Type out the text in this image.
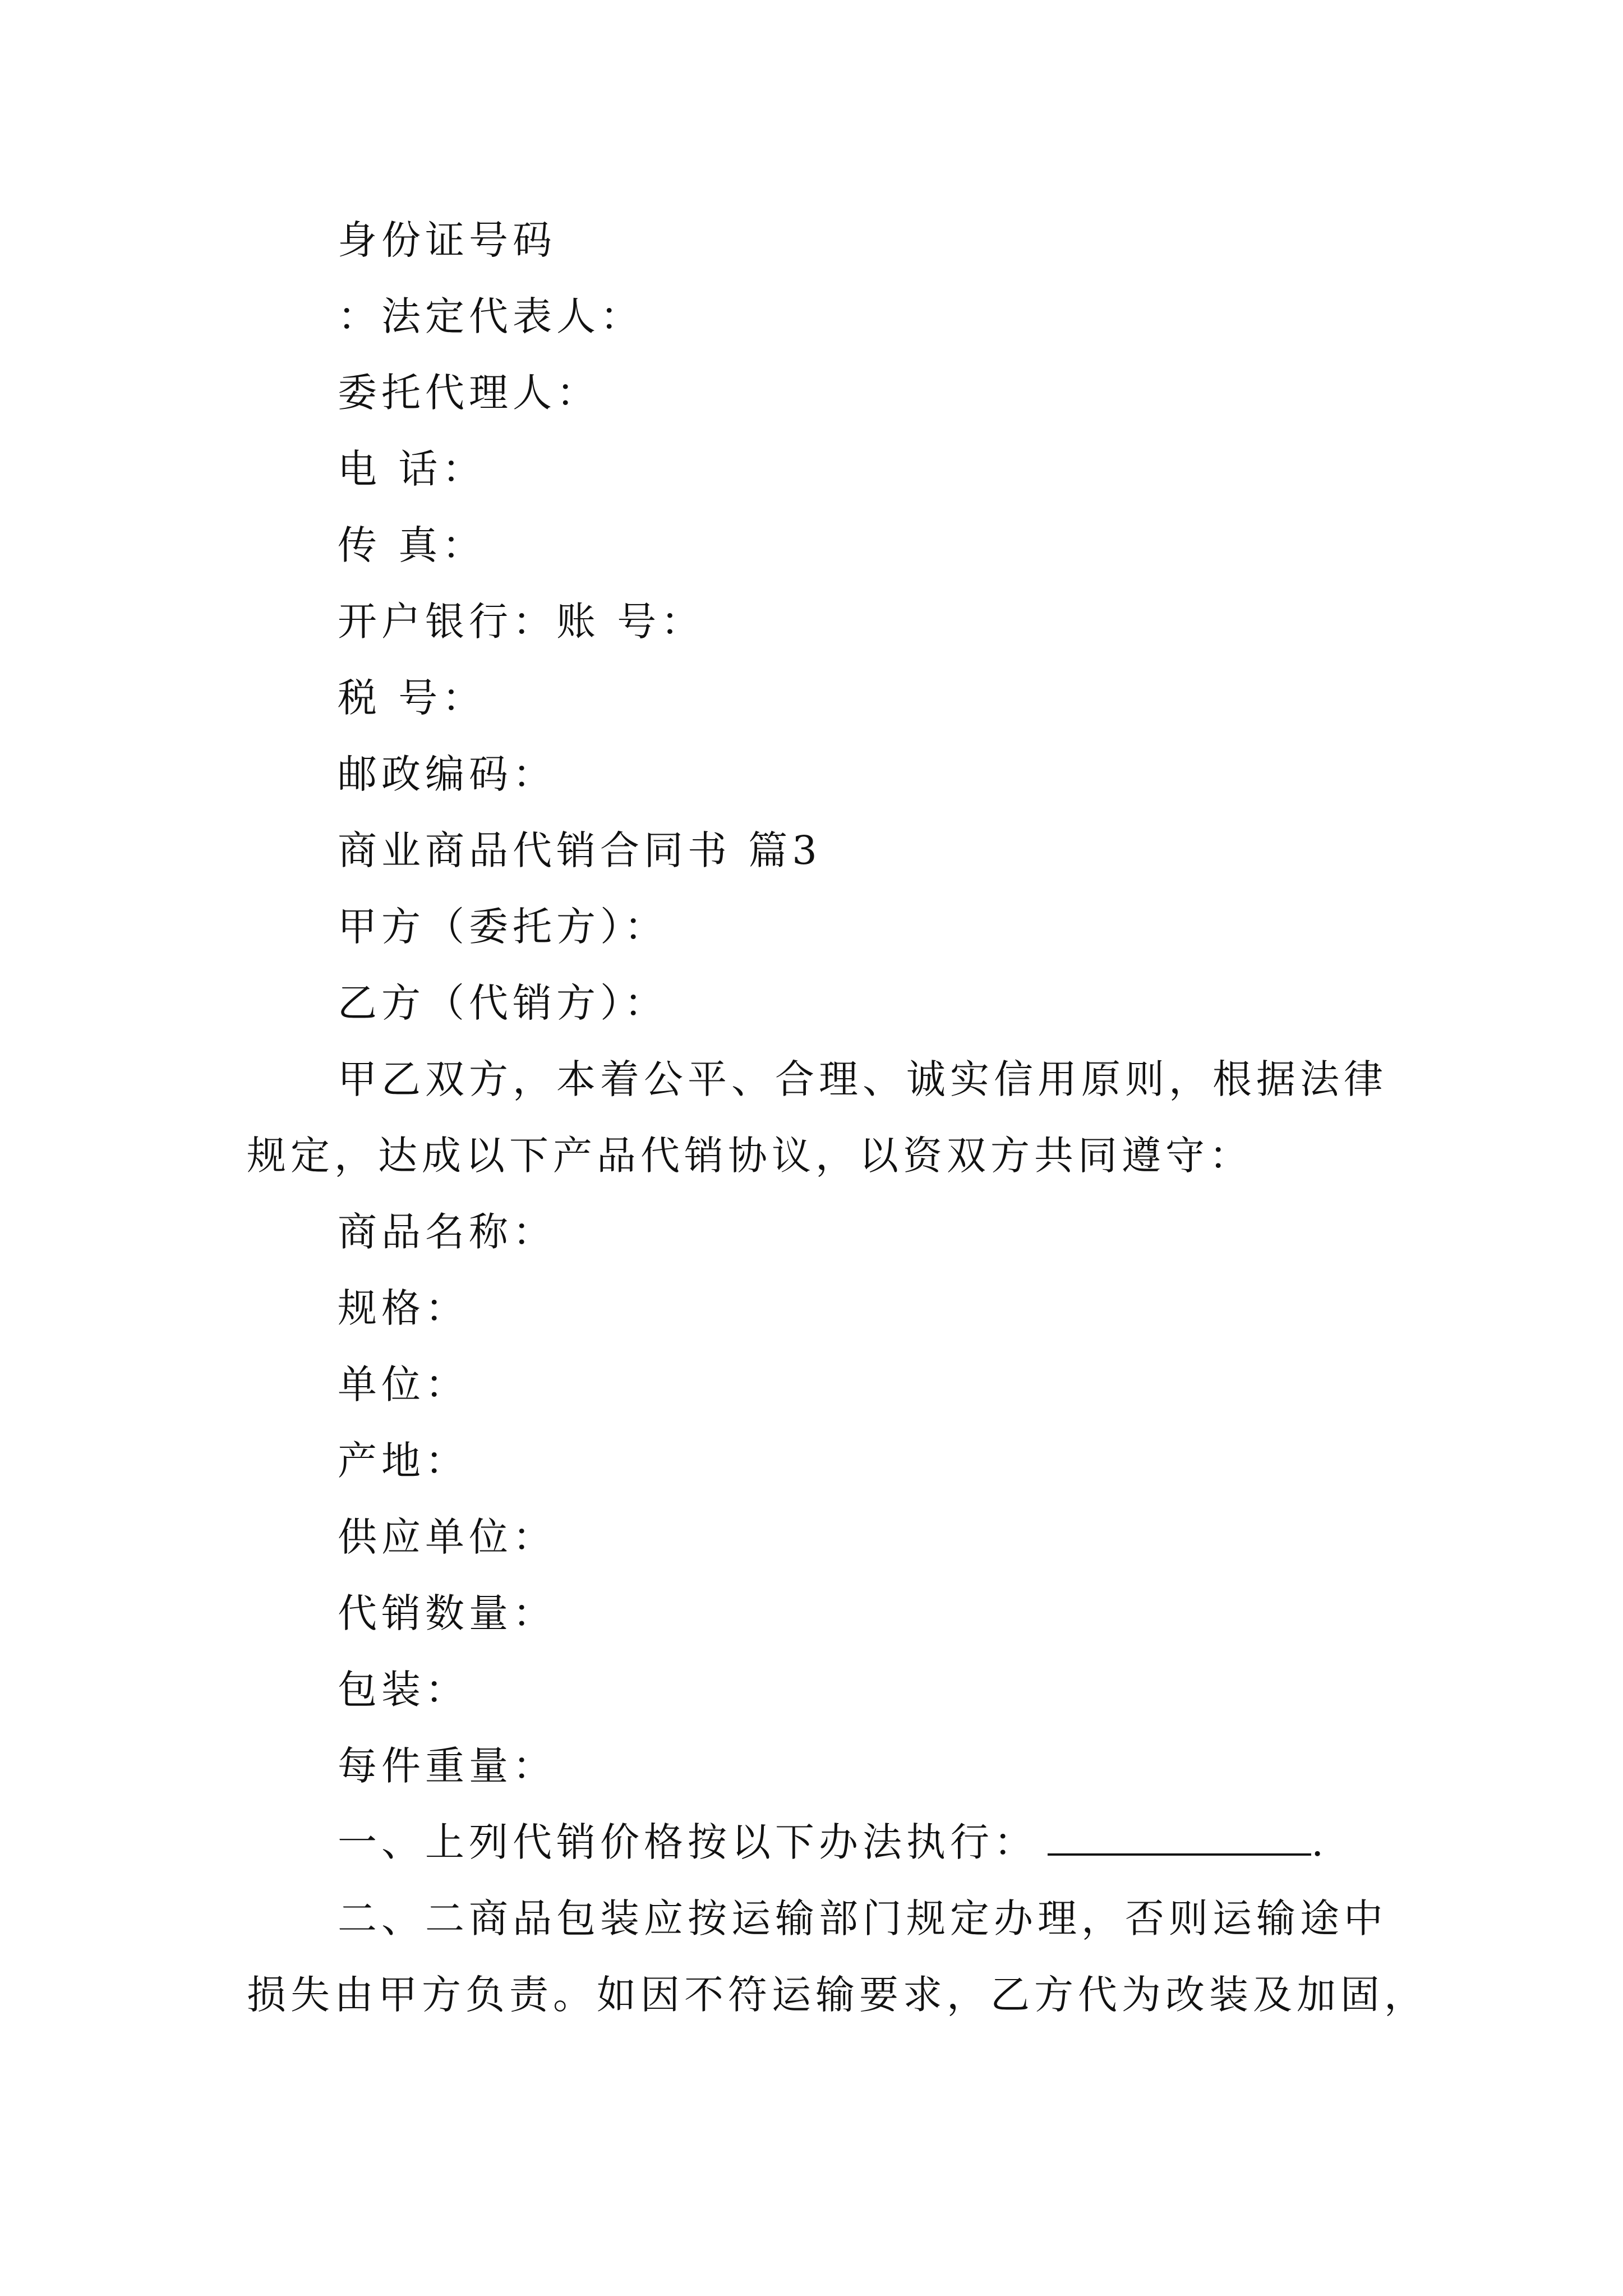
身份证号码
：法定代表人：
委托代理人：
电 话：
传 真：
开户银行：账 号：
税 号：
邮政编码：
商业商品代销合同书 篇3
甲方（委托方）：
乙方（代销方）：
甲乙双方，本着公平、合理、诚实信用原则，根据法律
规定，达成以下产品代销协议，以资双方共同遵守：
商品名称：
规格：
单位：
产地：
供应单位：
代销数量：
包装：
每件重量：
一、上列代销价格按以下办法执行：	.
二、二商品包装应按运输部门规定办理，否则运输途中
损失由甲方负责。如因不符运输要求，乙方代为改装及加固，
